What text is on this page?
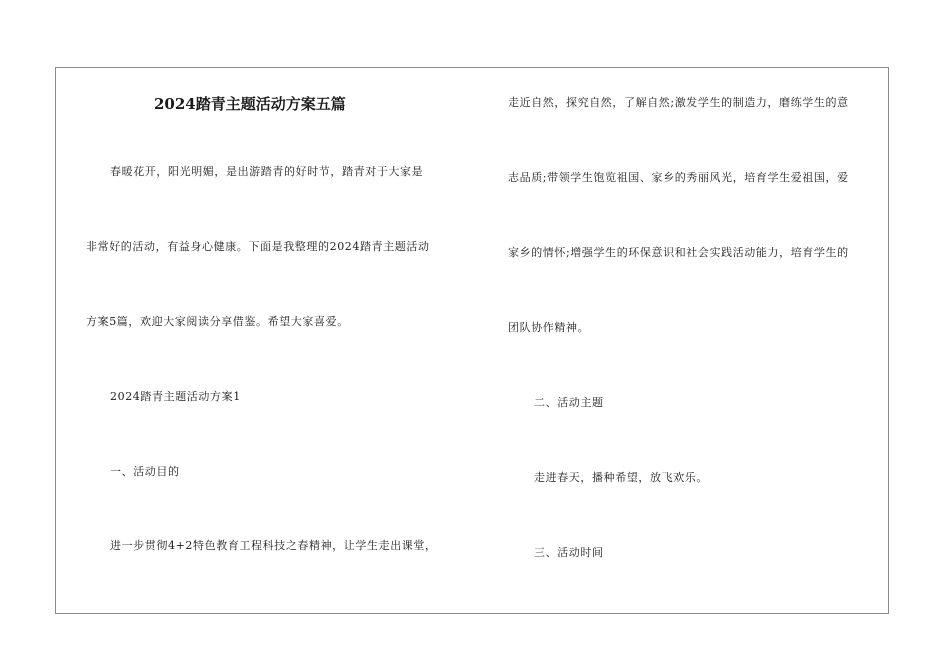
2024踏青主题活动方案五篇
春暖花开，阳光明媚，是出游踏青的好时节，踏青对于大家是
非常好的活动，有益身心健康。下面是我整理的2024踏青主题活动
方案5篇，欢迎大家阅读分享借鉴。希望大家喜爱。
2024踏青主题活动方案1
一、活动目的
进一步贯彻4+2特色教育工程科技之春精神，让学生走出课堂，
走近自然，探究自然，了解自然;激发学生的制造力，磨练学生的意
志品质;带领学生饱览祖国、家乡的秀丽风光，培育学生爱祖国，爱
家乡的情怀;增强学生的环保意识和社会实践活动能力，培育学生的
团队协作精神。
二、活动主题
走进春天，播种希望，放飞欢乐。
三、活动时间
